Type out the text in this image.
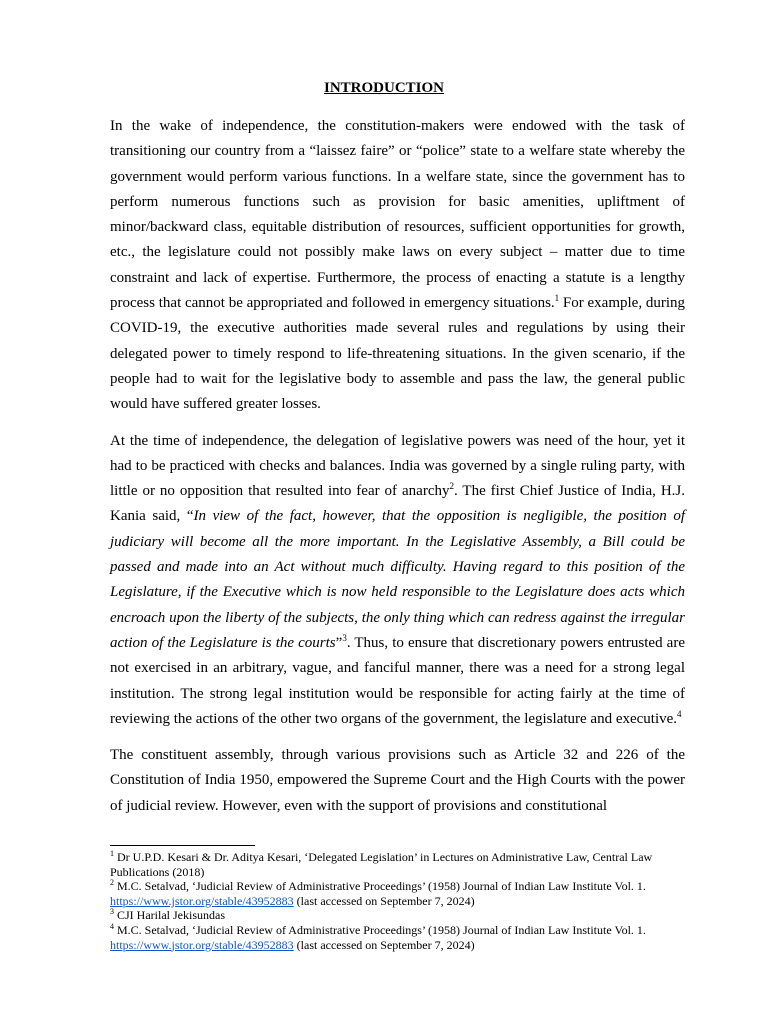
INTRODUCTION

In the wake of independence, the constitution-makers were endowed with the task of transitioning our country from a “laissez faire” or “police” state to a welfare state whereby the government would perform various functions. In a welfare state, since the government has to perform numerous functions such as provision for basic amenities, upliftment of minor/backward class, equitable distribution of resources, sufficient opportunities for growth, etc., the legislature could not possibly make laws on every subject – matter due to time constraint and lack of expertise. Furthermore, the process of enacting a statute is a lengthy process that cannot be appropriated and followed in emergency situations.$^1$ For example, during COVID-19, the executive authorities made several rules and regulations by using their delegated power to timely respond to life-threatening situations. In the given scenario, if the people had to wait for the legislative body to assemble and pass the law, the general public would have suffered greater losses.

At the time of independence, the delegation of legislative powers was need of the hour, yet it had to be practiced with checks and balances. India was governed by a single ruling party, with little or no opposition that resulted into fear of anarchy$^2$. The first Chief Justice of India, H.J. Kania said, “In view of the fact, however, that the opposition is negligible, the position of judiciary will become all the more important. In the Legislative Assembly, a Bill could be passed and made into an Act without much difficulty. Having regard to this position of the Legislature, if the Executive which is now held responsible to the Legislature does acts which encroach upon the liberty of the subjects, the only thing which can redress against the irregular action of the Legislature is the courts”$^3$. Thus, to ensure that discretionary powers entrusted are not exercised in an arbitrary, vague, and fanciful manner, there was a need for a strong legal institution. The strong legal institution would be responsible for acting fairly at the time of reviewing the actions of the other two organs of the government, the legislature and executive.$^4$

The constituent assembly, through various provisions such as Article 32 and 226 of the Constitution of India 1950, empowered the Supreme Court and the High Courts with the power of judicial review. However, even with the support of provisions and constitutional

$^1$ Dr U.P.D. Kesari & Dr. Aditya Kesari, ‘Delegated Legislation’ in Lectures on Administrative Law, Central Law Publications (2018)

$^2$ M.C. Setalvad, ‘Judicial Review of Administrative Proceedings’ (1958) Journal of Indian Law Institute Vol. 1. https://www.jstor.org/stable/43952883 (last accessed on September 7, 2024)

$^3$ CJI Harilal Jekisundas

$^4$ M.C. Setalvad, ‘Judicial Review of Administrative Proceedings’ (1958) Journal of Indian Law Institute Vol. 1. https://www.jstor.org/stable/43952883 (last accessed on September 7, 2024)
